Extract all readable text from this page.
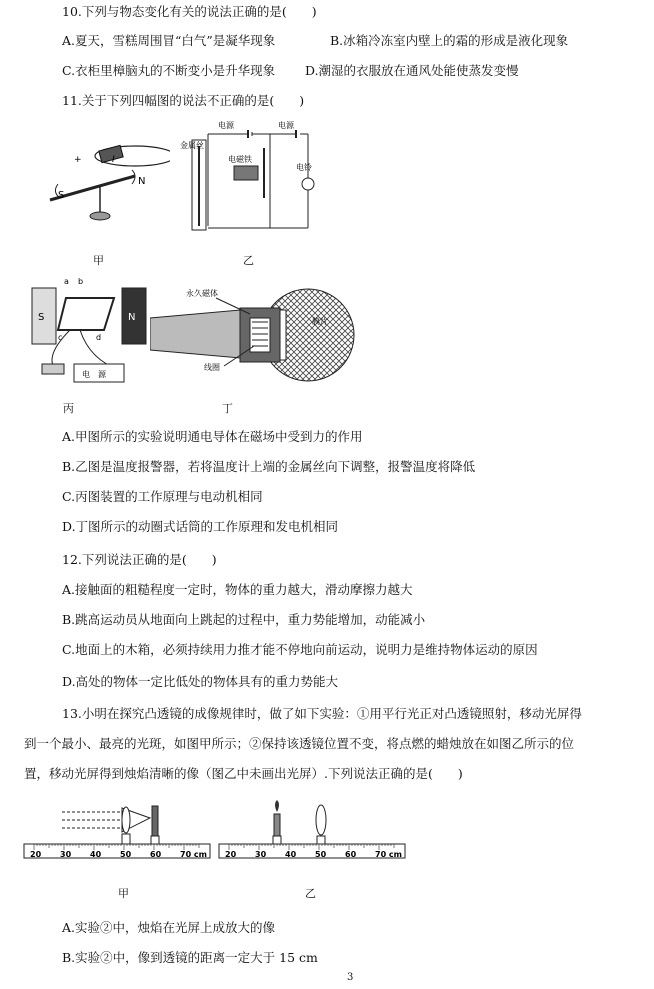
10.下列与物态变化有关的说法正确的是(　　)
A.夏天，雪糕周围冒“白气”是凝华现象	B.冰箱冷冻室内壁上的霜的形成是液化现象
C.衣柜里樟脑丸的不断变小是升华现象 D.潮湿的衣服放在通风处能使蒸发变慢
11.关于下列四幅图的说法不正确的是(　　)
+
S
N
I
甲
电源	电源
金属丝
电磁铁
电铃
乙
S	N
a b
c	d
电　源
丙
永久磁体
膜片
线圈
丁
A.甲图所示的实验说明通电导体在磁场中受到力的作用
B.乙图是温度报警器，若将温度计上端的金属丝向下调整，报警温度将降低
C.丙图装置的工作原理与电动机相同
D.丁图所示的动圈式话筒的工作原理和发电机相同
12.下列说法正确的是(　　)
A.接触面的粗糙程度一定时，物体的重力越大，滑动摩擦力越大
B.跳高运动员从地面向上跳起的过程中，重力势能增加，动能减小
C.地面上的木箱，必须持续用力推才能不停地向前运动，说明力是维持物体运动的原因
D.高处的物体一定比低处的物体具有的重力势能大
13.小明在探究凸透镜的成像规律时，做了如下实验：①用平行光正对凸透镜照射，移动光屏得
到一个最小、最亮的光斑，如图甲所示；②保持该透镜位置不变，将点燃的蜡烛放在如图乙所示的位
置，移动光屏得到烛焰清晰的像（图乙中未画出光屏）.下列说法正确的是(　　)
20 30 40 50 60 70 cm
甲
20 30 40 50 60 70 cm
乙
A.实验②中，烛焰在光屏上成放大的像
B.实验②中，像到透镜的距离一定大于 15 cm
3
